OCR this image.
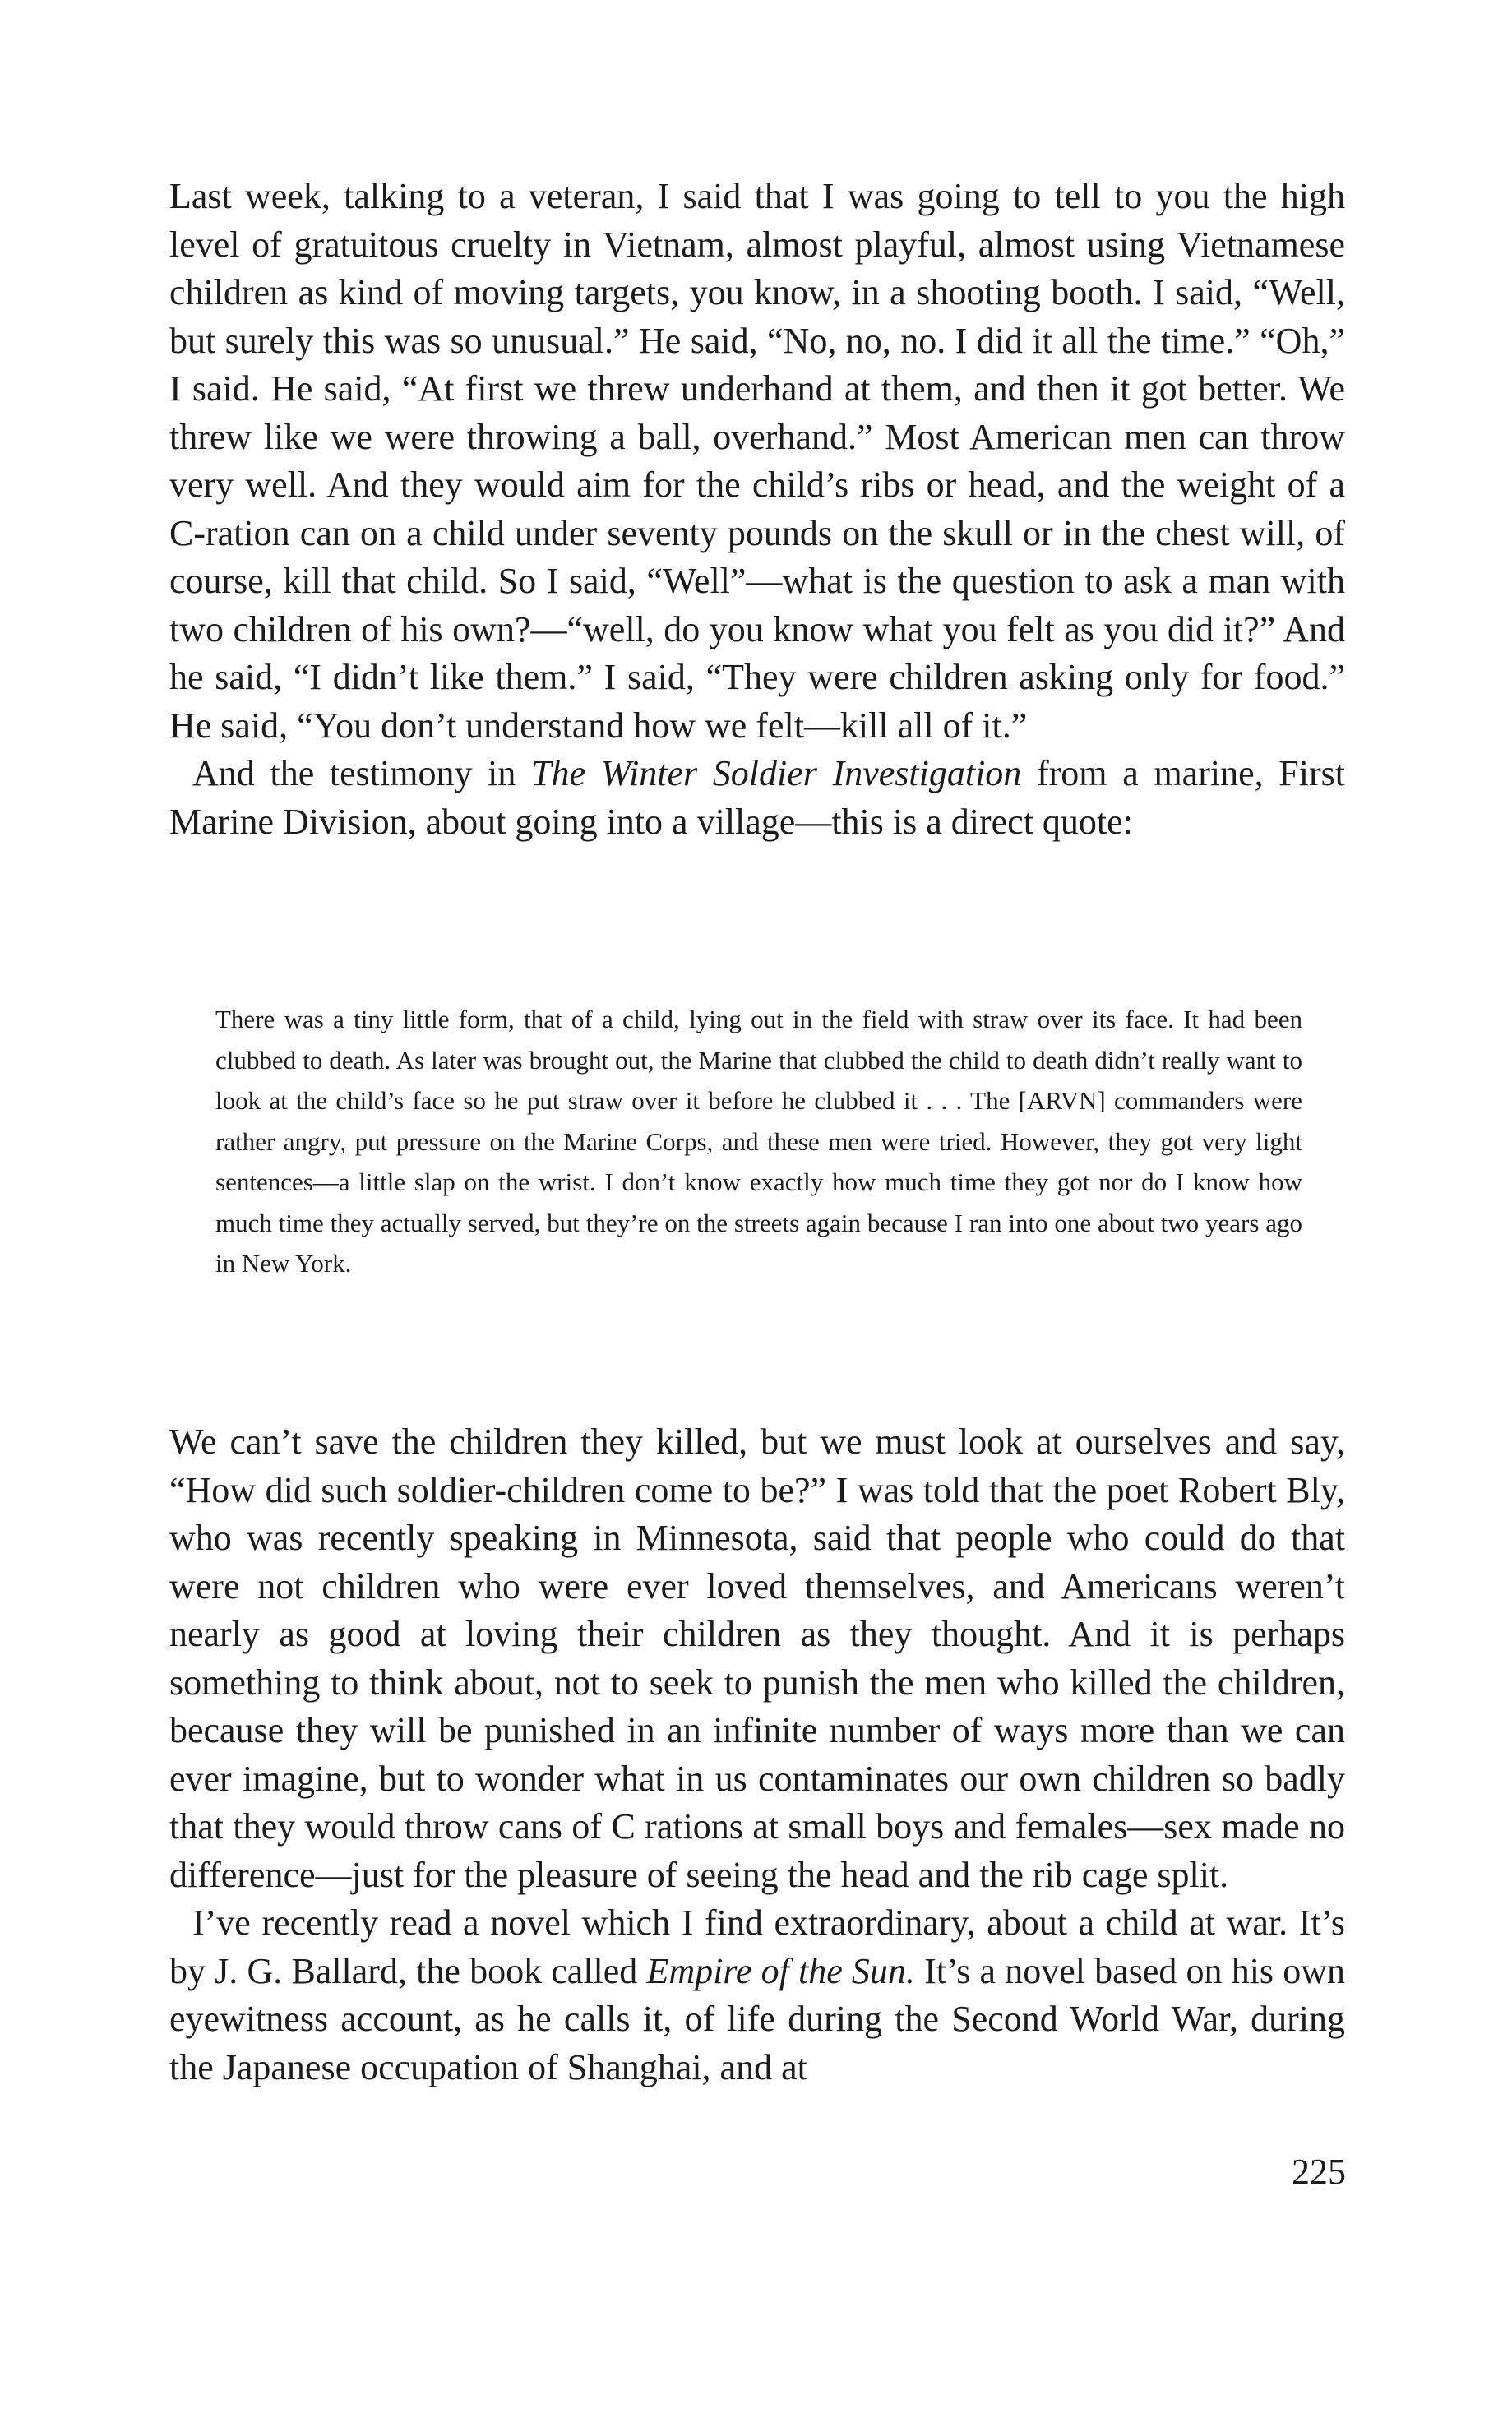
Last week, talking to a veteran, I said that I was going to tell to you the high level of gratuitous cruelty in Vietnam, almost playful, almost using Vietnamese children as kind of moving targets, you know, in a shooting booth. I said, “Well, but surely this was so unusual.” He said, “No, no, no. I did it all the time.” “Oh,” I said. He said, “At first we threw underhand at them, and then it got better. We threw like we were throwing a ball, overhand.” Most American men can throw very well. And they would aim for the child’s ribs or head, and the weight of a C-ration can on a child under seventy pounds on the skull or in the chest will, of course, kill that child. So I said, “Well”—what is the question to ask a man with two children of his own?—“well, do you know what you felt as you did it?” And he said, “I didn’t like them.” I said, “They were children asking only for food.” He said, “You don’t understand how we felt—kill all of it.”

And the testimony in The Winter Soldier Investigation from a marine, First Marine Division, about going into a village—this is a direct quote:

There was a tiny little form, that of a child, lying out in the field with straw over its face. It had been clubbed to death. As later was brought out, the Marine that clubbed the child to death didn’t really want to look at the child’s face so he put straw over it before he clubbed it . . . The [ARVN] commanders were rather angry, put pressure on the Marine Corps, and these men were tried. However, they got very light sentences—a little slap on the wrist. I don’t know exactly how much time they got nor do I know how much time they actually served, but they’re on the streets again because I ran into one about two years ago in New York.

We can’t save the children they killed, but we must look at ourselves and say, “How did such soldier-children come to be?” I was told that the poet Robert Bly, who was recently speaking in Minnesota, said that people who could do that were not children who were ever loved themselves, and Americans weren’t nearly as good at loving their children as they thought. And it is perhaps something to think about, not to seek to punish the men who killed the children, because they will be punished in an infinite number of ways more than we can ever imagine, but to wonder what in us contaminates our own children so badly that they would throw cans of C rations at small boys and females—sex made no difference—just for the pleasure of seeing the head and the rib cage split.

I’ve recently read a novel which I find extraordinary, about a child at war. It’s by J. G. Ballard, the book called Empire of the Sun. It’s a novel based on his own eyewitness account, as he calls it, of life during the Second World War, during the Japanese occupation of Shanghai, and at

225
